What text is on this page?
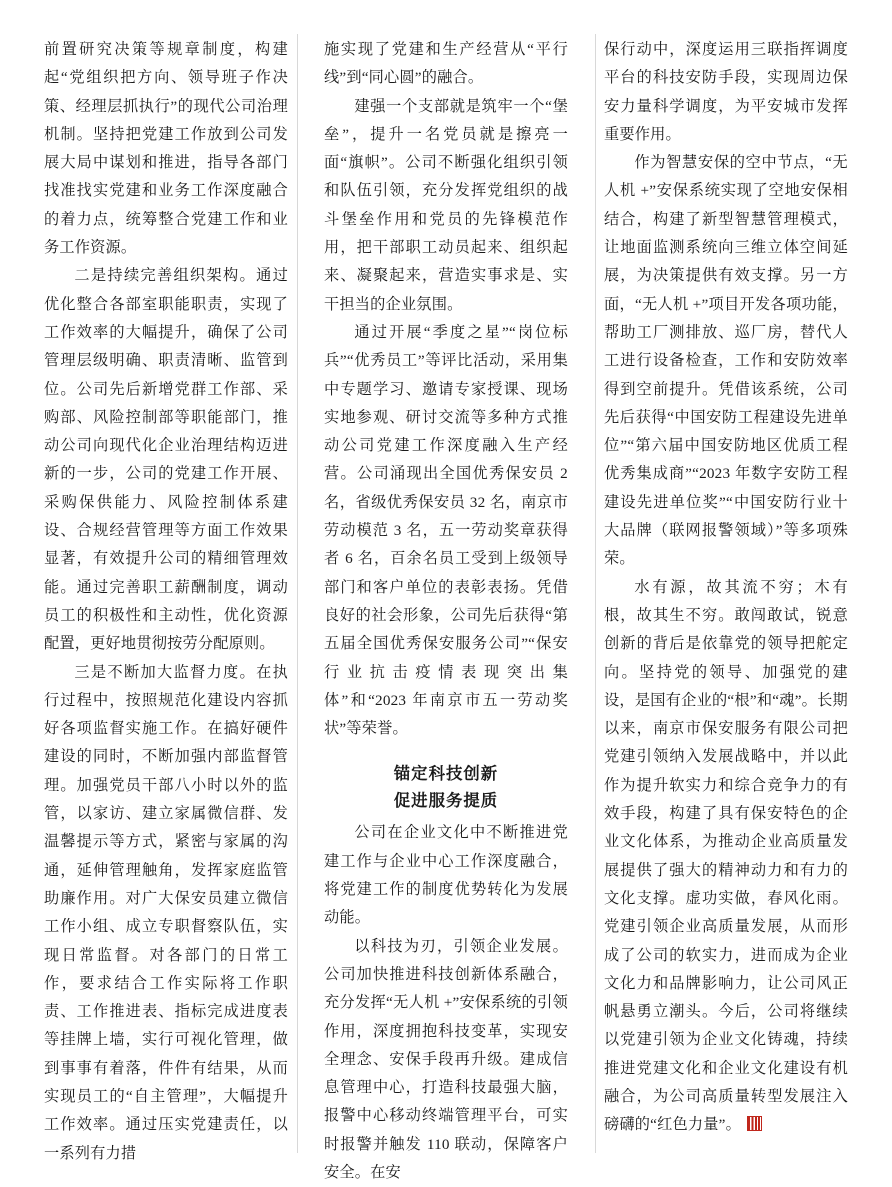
前置研究决策等规章制度，构建起“党组织把方向、领导班子作决策、经理层抓执行”的现代公司治理机制。坚持把党建工作放到公司发展大局中谋划和推进，指导各部门找准找实党建和业务工作深度融合的着力点，统筹整合党建工作和业务工作资源。

二是持续完善组织架构。通过优化整合各部室职能职责，实现了工作效率的大幅提升，确保了公司管理层级明确、职责清晰、监管到位。公司先后新增党群工作部、采购部、风险控制部等职能部门，推动公司向现代化企业治理结构迈进新的一步，公司的党建工作开展、采购保供能力、风险控制体系建设、合规经营管理等方面工作效果显著，有效提升公司的精细管理效能。通过完善职工薪酬制度，调动员工的积极性和主动性，优化资源配置，更好地贯彻按劳分配原则。

三是不断加大监督力度。在执行过程中，按照规范化建设内容抓好各项监督实施工作。在搞好硬件建设的同时，不断加强内部监督管理。加强党员干部八小时以外的监管，以家访、建立家属微信群、发温馨提示等方式，紧密与家属的沟通，延伸管理触角，发挥家庭监管助廉作用。对广大保安员建立微信工作小组、成立专职督察队伍，实现日常监督。对各部门的日常工作，要求结合工作实际将工作职责、工作推进表、指标完成进度表等挂牌上墙，实行可视化管理，做到事事有着落，件件有结果，从而实现员工的“自主管理”，大幅提升工作效率。通过压实党建责任，以一系列有力措

施实现了党建和生产经营从“平行线”到“同心圆”的融合。

建强一个支部就是筑牢一个“堡垒”，提升一名党员就是擦亮一面“旗帜”。公司不断强化组织引领和队伍引领，充分发挥党组织的战斗堡垒作用和党员的先锋模范作用，把干部职工动员起来、组织起来、凝聚起来，营造实事求是、实干担当的企业氛围。

通过开展“季度之星”“岗位标兵”“优秀员工”等评比活动，采用集中专题学习、邀请专家授课、现场实地参观、研讨交流等多种方式推动公司党建工作深度融入生产经营。公司涌现出全国优秀保安员 2 名，省级优秀保安员 32 名，南京市劳动模范 3 名，五一劳动奖章获得者 6 名，百余名员工受到上级领导部门和客户单位的表彰表扬。凭借良好的社会形象，公司先后获得“第五届全国优秀保安服务公司”“保安行业抗击疫情表现突出集体”和“2023 年南京市五一劳动奖状”等荣誉。

锚定科技创新
促进服务提质

公司在企业文化中不断推进党建工作与企业中心工作深度融合，将党建工作的制度优势转化为发展动能。

以科技为刃，引领企业发展。公司加快推进科技创新体系融合，充分发挥“无人机 +”安保系统的引领作用，深度拥抱科技变革，实现安全理念、安保手段再升级。建成信息管理中心，打造科技最强大脑，报警中心移动终端管理平台，可实时报警并触发 110 联动，保障客户安全。在安

保行动中，深度运用三联指挥调度平台的科技安防手段，实现周边保安力量科学调度，为平安城市发挥重要作用。

作为智慧安保的空中节点，“无人机 +”安保系统实现了空地安保相结合，构建了新型智慧管理模式，让地面监测系统向三维立体空间延展，为决策提供有效支撑。另一方面，“无人机 +”项目开发各项功能，帮助工厂测排放、巡厂房，替代人工进行设备检查，工作和安防效率得到空前提升。凭借该系统，公司先后获得“中国安防工程建设先进单位”“第六届中国安防地区优质工程优秀集成商”“2023 年数字安防工程建设先进单位奖”“中国安防行业十大品牌（联网报警领域）”等多项殊荣。

水有源，故其流不穷；木有根，故其生不穷。敢闯敢试，锐意创新的背后是依靠党的领导把舵定向。坚持党的领导、加强党的建设，是国有企业的“根”和“魂”。长期以来，南京市保安服务有限公司把党建引领纳入发展战略中，并以此作为提升软实力和综合竞争力的有效手段，构建了具有保安特色的企业文化体系，为推动企业高质量发展提供了强大的精神动力和有力的文化支撑。虚功实做，春风化雨。党建引领企业高质量发展，从而形成了公司的软实力，进而成为企业文化力和品牌影响力，让公司风正帆悬勇立潮头。今后，公司将继续以党建引领为企业文化铸魂，持续推进党建文化和企业文化建设有机融合，为公司高质量转型发展注入磅礴的“红色力量”。
